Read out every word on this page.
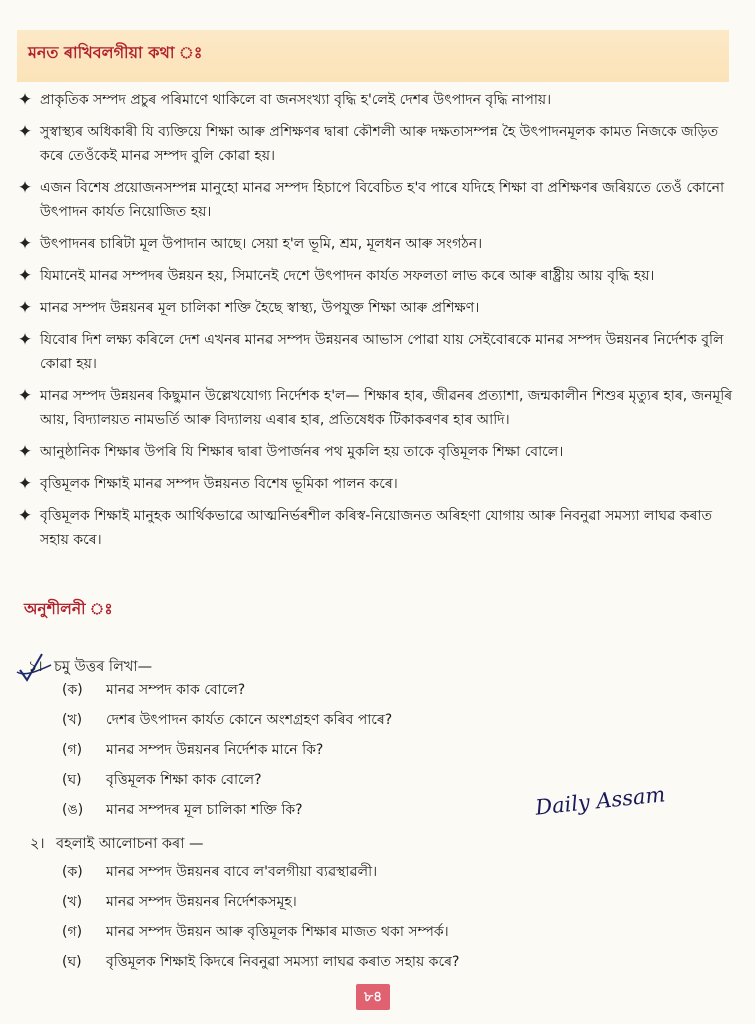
মনত ৰাখিবলগীয়া কথা ঃ
✦ প্ৰাকৃতিক সম্পদ প্ৰচুৰ পৰিমাণে থাকিলে বা জনসংখ্যা বৃদ্ধি হ'লেই দেশৰ উৎপাদন বৃদ্ধি নাপায়।
✦ সুস্বাস্থ্যৰ অধিকাৰী যি ব্যক্তিয়ে শিক্ষা আৰু প্ৰশিক্ষণৰ দ্বাৰা কৌশলী আৰু দক্ষতাসম্পন্ন হৈ উৎপাদনমূলক কামত নিজকে জড়িত কৰে তেওঁকেই মানৱ সম্পদ বুলি কোৱা হয়।
✦ এজন বিশেষ প্ৰয়োজনসম্পন্ন মানুহো মানৱ সম্পদ হিচাপে বিবেচিত হ'ব পাৰে যদিহে শিক্ষা বা প্ৰশিক্ষণৰ জৰিয়তে তেওঁ কোনো উৎপাদন কাৰ্যত নিয়োজিত হয়।
✦ উৎপাদনৰ চাৰিটা মূল উপাদান আছে। সেয়া হ'ল ভূমি, শ্ৰম, মূলধন আৰু সংগঠন।
✦ যিমানেই মানৱ সম্পদৰ উন্নয়ন হয়, সিমানেই দেশে উৎপাদন কাৰ্যত সফলতা লাভ কৰে আৰু ৰাষ্ট্ৰীয় আয় বৃদ্ধি হয়।
✦ মানৱ সম্পদ উন্নয়নৰ মূল চালিকা শক্তি হৈছে স্বাস্থ্য, উপযুক্ত শিক্ষা আৰু প্ৰশিক্ষণ।
✦ যিবোৰ দিশ লক্ষ্য কৰিলে দেশ এখনৰ মানৱ সম্পদ উন্নয়নৰ আভাস পোৱা যায় সেইবোৰকে মানৱ সম্পদ উন্নয়নৰ নিৰ্দেশক বুলি কোৱা হয়।
✦ মানৱ সম্পদ উন্নয়নৰ কিছুমান উল্লেখযোগ্য নিৰ্দেশক হ'ল— শিক্ষাৰ হাৰ, জীৱনৰ প্ৰত্যাশা, জন্মকালীন শিশুৰ মৃত্যুৰ হাৰ, জনমূৰি আয়, বিদ্যালয়ত নামভৰ্তি আৰু বিদ্যালয় এৰাৰ হাৰ, প্ৰতিষেধক টিকাকৰণৰ হাৰ আদি।
✦ আনুষ্ঠানিক শিক্ষাৰ উপৰি যি শিক্ষাৰ দ্বাৰা উপাৰ্জনৰ পথ মুকলি হয় তাকে বৃত্তিমূলক শিক্ষা বোলে।
✦ বৃত্তিমূলক শিক্ষাই মানৱ সম্পদ উন্নয়নত বিশেষ ভূমিকা পালন কৰে।
✦ বৃত্তিমূলক শিক্ষাই মানুহক আৰ্থিকভাৱে আত্মনিৰ্ভৰশীল কৰিস্ব-নিয়োজনত অৰিহণা যোগায় আৰু নিবনুৱা সমস্যা লাঘৱ কৰাত সহায় কৰে।
অনুশীলনী ঃ
১। চমু উত্তৰ লিখা—
(ক)	মানৱ সম্পদ কাক বোলে?
(খ)	দেশৰ উৎপাদন কাৰ্যত কোনে অংশগ্ৰহণ কৰিব পাৰে?
(গ)	মানৱ সম্পদ উন্নয়নৰ নিৰ্দেশক মানে কি?
(ঘ)	বৃত্তিমূলক শিক্ষা কাক বোলে?
(ঙ)	মানৱ সম্পদৰ মূল চালিকা শক্তি কি?	Daily Assam
২। বহলাই আলোচনা কৰা —
(ক)	মানৱ সম্পদ উন্নয়নৰ বাবে ল'বলগীয়া ব্যৱস্থাৱলী।
(খ)	মানৱ সম্পদ উন্নয়নৰ নিৰ্দেশকসমূহ।
(গ)	মানৱ সম্পদ উন্নয়ন আৰু বৃত্তিমূলক শিক্ষাৰ মাজত থকা সম্পৰ্ক।
(ঘ)	বৃত্তিমূলক শিক্ষাই কিদৰে নিবনুৱা সমস্যা লাঘৱ কৰাত সহায় কৰে?
৮৪
